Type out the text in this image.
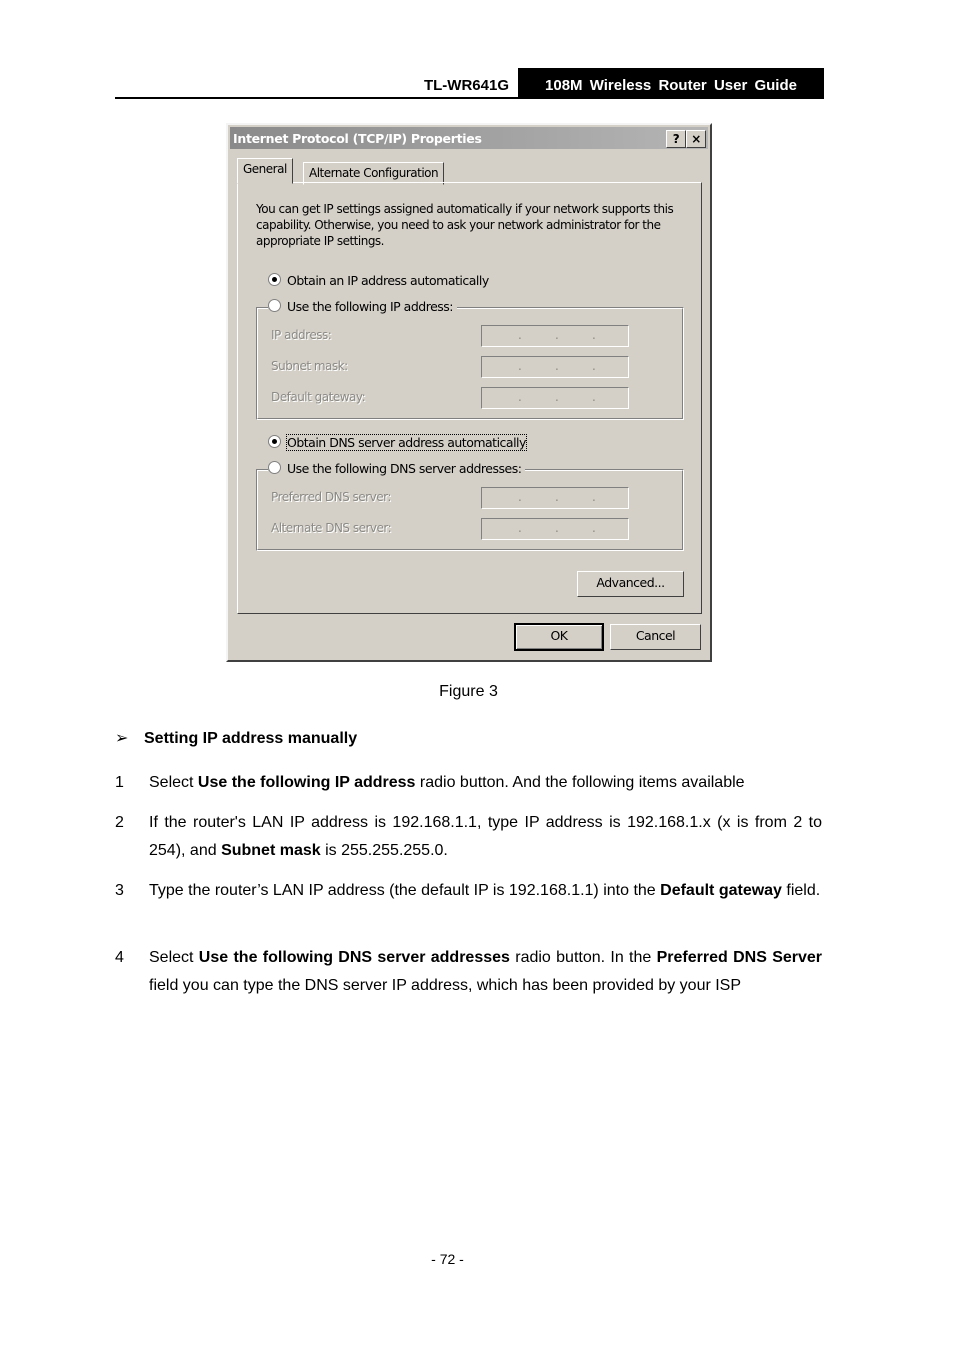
TL-WR641G	108M Wireless Router User Guide
Internet Protocol (TCP/IP) Properties	? ×
General	Alternate Configuration
You can get IP settings assigned automatically if your network supports this capability. Otherwise, you need to ask your network administrator for the appropriate IP settings.
Obtain an IP address automatically
IP address:	.	.	.
Subnet mask:	.	.	.
Default gateway:	.	.	.
Use the following IP address:
Obtain DNS server address automatically
Preferred DNS server:	.	.	.
Alternate DNS server:	.	.	.
Use the following DNS server addresses:
Advanced...
OK	Cancel
Figure 3
➢ Setting IP address manually
1 Select Use the following IP address radio button. And the following items available
2 If the router's LAN IP address is 192.168.1.1, type IP address is 192.168.1.x (x is from 2 to 254), and Subnet mask is 255.255.255.0.
3 Type the router’s LAN IP address (the default IP is 192.168.1.1) into the Default gateway field.
4 Select Use the following DNS server addresses radio button. In the Preferred DNS Server field you can type the DNS server IP address, which has been provided by your ISP
- 72 -
